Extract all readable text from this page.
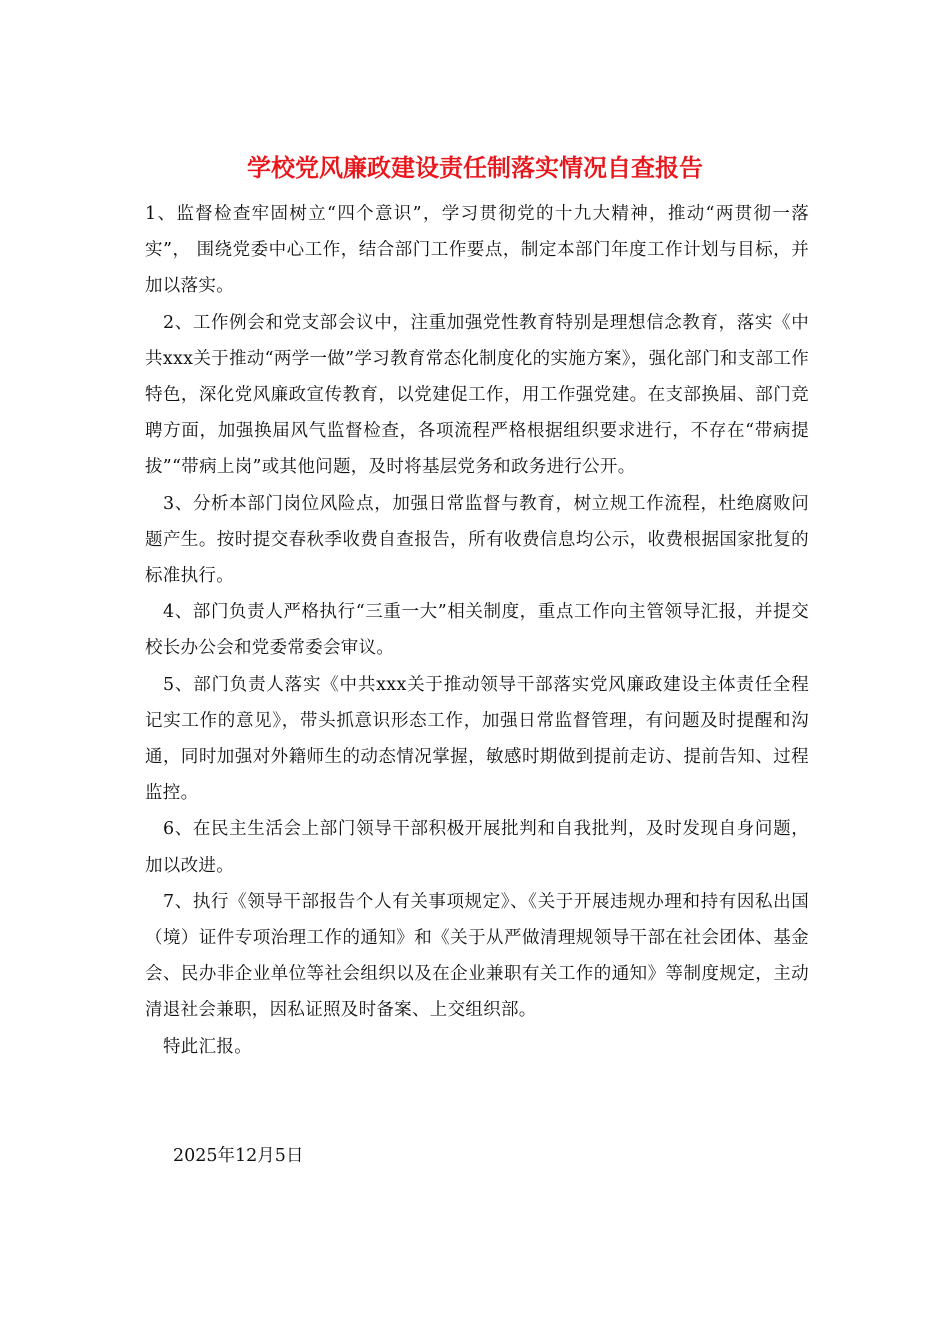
学校党风廉政建设责任制落实情况自查报告

1、监督检查牢固树立“四个意识”，学习贯彻党的十九大精神，推动“两贯彻一落实”， 围绕党委中心工作，结合部门工作要点，制定本部门年度工作计划与目标，并加以落实。

2、工作例会和党支部会议中，注重加强党性教育特别是理想信念教育，落实《中共xxx关于推动“两学一做”学习教育常态化制度化的实施方案》，强化部门和支部工作特色，深化党风廉政宣传教育，以党建促工作，用工作强党建。在支部换届、部门竞聘方面，加强换届风气监督检查，各项流程严格根据组织要求进行，不存在“带病提拔”“带病上岗”或其他问题，及时将基层党务和政务进行公开。

3、分析本部门岗位风险点，加强日常监督与教育，树立规工作流程，杜绝腐败问题产生。按时提交春秋季收费自查报告，所有收费信息均公示，收费根据国家批复的标准执行。

4、部门负责人严格执行“三重一大”相关制度，重点工作向主管领导汇报，并提交校长办公会和党委常委会审议。

5、部门负责人落实《中共xxx关于推动领导干部落实党风廉政建设主体责任全程记实工作的意见》，带头抓意识形态工作，加强日常监督管理，有问题及时提醒和沟通，同时加强对外籍师生的动态情况掌握，敏感时期做到提前走访、提前告知、过程监控。

6、在民主生活会上部门领导干部积极开展批判和自我批判，及时发现自身问题，加以改进。

7、执行《领导干部报告个人有关事项规定》、《关于开展违规办理和持有因私出国（境）证件专项治理工作的通知》和《关于从严做清理规领导干部在社会团体、基金会、民办非企业单位等社会组织以及在企业兼职有关工作的通知》等制度规定，主动清退社会兼职，因私证照及时备案、上交组织部。

特此汇报。

2025年12月5日
